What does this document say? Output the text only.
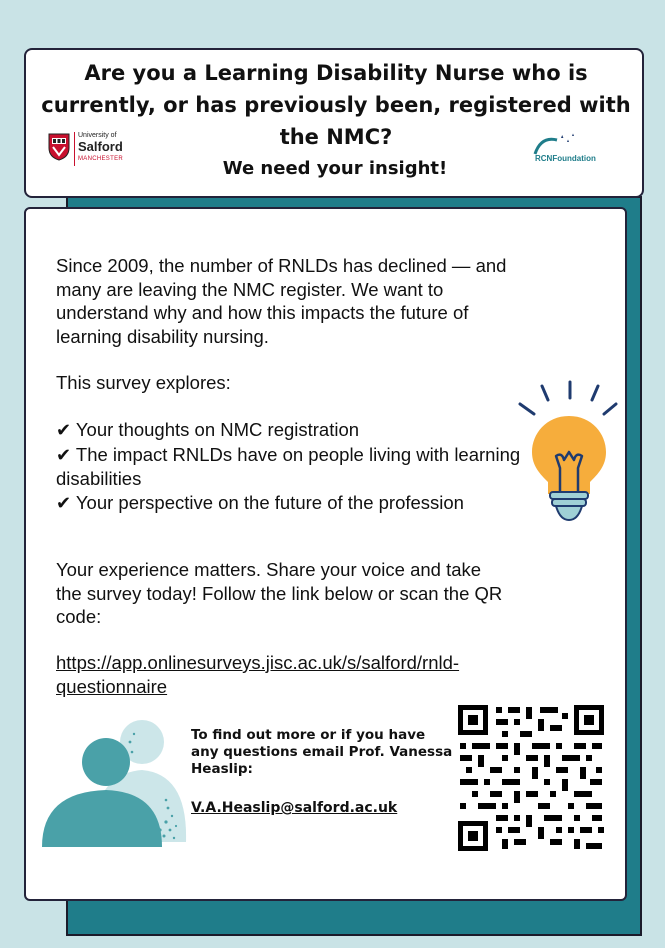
Are you a Learning Disability Nurse who is currently, or has previously been, registered with the NMC?
University of
Salford
MANCHESTER	RCNFoundation

We need your insight!

Since 2009, the number of RNLDs has declined — and many are leaving the NMC register. We want to understand why and how this impacts the future of learning disability nursing.

This survey explores:

✔ Your thoughts on NMC registration
✔ The impact RNLDs have on people living with learning disabilities
✔ Your perspective on the future of the profession

Your experience matters. Share your voice and take the survey today! Follow the link below or scan the QR code:

https://app.onlinesurveys.jisc.ac.uk/s/salford/rnld-questionnaire

To find out more or if you have any questions email Prof. Vanessa Heaslip:

V.A.Heaslip@salford.ac.uk
